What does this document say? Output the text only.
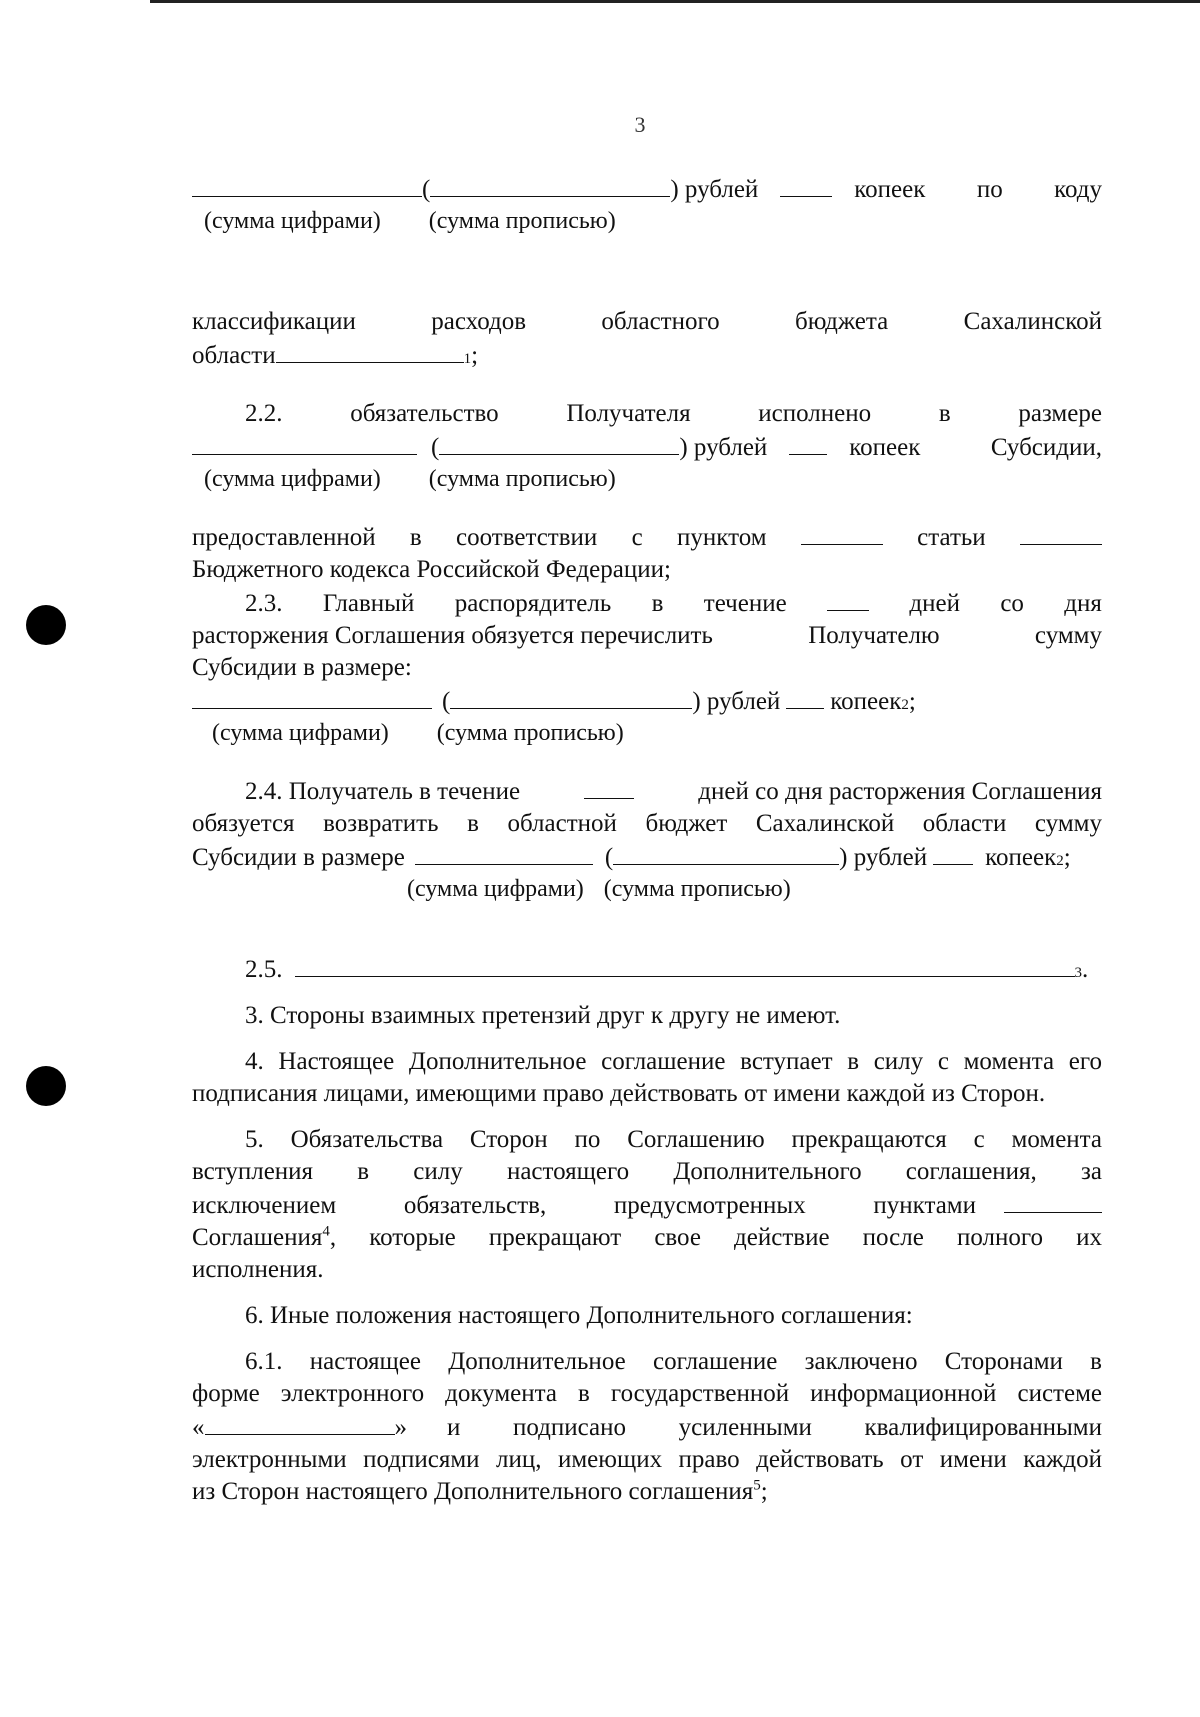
3
(	) рублей	копеек по коду
(сумма цифрами) (сумма прописью)
классификации	расходов	областного	бюджета	Сахалинской
области	1 ;
2.2.	обязательство	Получателя	исполнено	в	размере
(	) рублей	копеек	Субсидии,
(сумма цифрами) (сумма прописью)
предоставленной в соответствии с пунктом	статьи
Бюджетного кодекса Российской Федерации;
2.3. Главный распорядитель в течение	дней со дня
расторжения Соглашения обязуется перечислить	Получателю	сумму
Субсидии в размере:
(	) рублей копеек 2 ;
(сумма цифрами) (сумма прописью)
2.4. Получатель в течение	дней со дня расторжения Соглашения
обязуется возвратить в областной бюджет Сахалинской области сумму
Субсидии в размере	(	) рублей копеек 2 ;
(сумма цифрами) (сумма прописью)
2.5.	3 .
3. Стороны взаимных претензий друг к другу не имеют.
4. Настоящее Дополнительное соглашение вступает в силу с момента его подписания лицами, имеющими право действовать от имени каждой из Сторон.
5. Обязательства Сторон по Соглашению прекращаются с момента
вступления в силу настоящего Дополнительного соглашения, за
исключением обязательств, предусмотренных пунктами
Соглашения$^4$, которые прекращают свое действие после полного их
исполнения.
6. Иные положения настоящего Дополнительного соглашения:
6.1. настоящее Дополнительное соглашение заключено Сторонами в
форме электронного документа в государственной информационной системе
«	» и подписано усиленными квалифицированными
электронными подписями лиц, имеющих право действовать от имени каждой
из Сторон настоящего Дополнительного соглашения$^5$;
